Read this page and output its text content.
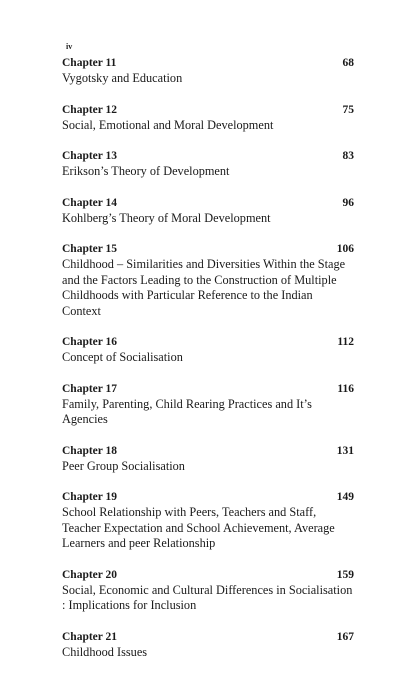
iv
Chapter 11	68
Vygotsky and Education
Chapter 12	75
Social, Emotional and Moral Development
Chapter 13	83
Erikson’s Theory of Development
Chapter 14	96
Kohlberg’s Theory of Moral Development
Chapter 15	106
Childhood – Similarities and Diversities Within the Stage and the Factors Leading to the Construction of Multiple Childhoods with Particular Reference to the Indian Context
Chapter 16	112
Concept of Socialisation
Chapter 17	116
Family, Parenting, Child Rearing Practices and It’s Agencies
Chapter 18	131
Peer Group Socialisation
Chapter 19	149
School Relationship with Peers, Teachers and Staff, Teacher Expectation and School Achievement, Average Learners and peer Relationship
Chapter 20	159
Social, Economic and Cultural Differences in Socialisation : Implications for Inclusion
Chapter 21	167
Childhood Issues
